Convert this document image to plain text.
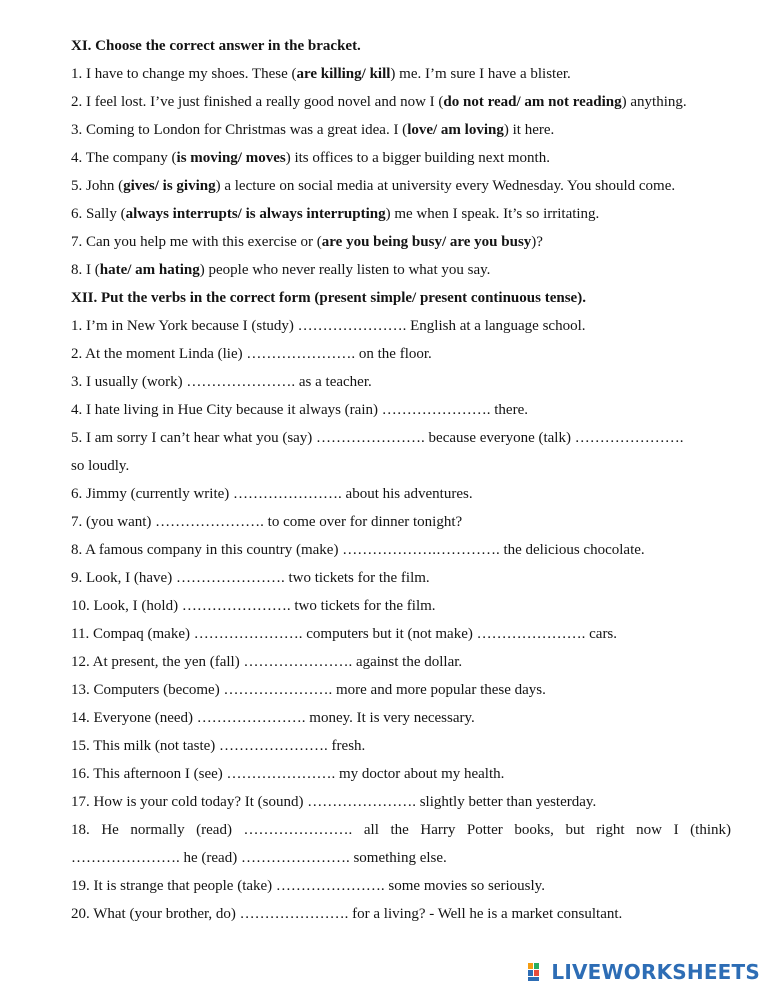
XI. Choose the correct answer in the bracket.
1. I have to change my shoes. These (are killing/ kill) me. I’m sure I have a blister.
2. I feel lost. I’ve just finished a really good novel and now I (do not read/ am not reading) anything.
3. Coming to London for Christmas was a great idea. I (love/ am loving) it here.
4. The company (is moving/ moves) its offices to a bigger building next month.
5. John (gives/ is giving) a lecture on social media at university every Wednesday. You should come.
6. Sally (always interrupts/ is always interrupting) me when I speak. It’s so irritating.
7. Can you help me with this exercise or (are you being busy/ are you busy)?
8. I (hate/ am hating) people who never really listen to what you say.
XII. Put the verbs in the correct form (present simple/ present continuous tense).
1. I’m in New York because I (study) …………………. English at a language school.
2. At the moment Linda (lie) …………………. on the floor.
3. I usually (work) …………………. as a teacher.
4. I hate living in Hue City because it always (rain) …………………. there.
5. I am sorry I can’t hear what you (say) …………………. because everyone (talk) ………………….
so loudly.
6. Jimmy (currently write) …………………. about his adventures.
7. (you want) …………………. to come over for dinner tonight?
8. A famous company in this country (make) ……………….…………. the delicious chocolate.
9. Look, I (have) …………………. two tickets for the film.
10. Look, I (hold) …………………. two tickets for the film.
11. Compaq (make) …………………. computers but it (not make) …………………. cars.
12. At present, the yen (fall) …………………. against the dollar.
13. Computers (become) …………………. more and more popular these days.
14. Everyone (need) …………………. money. It is very necessary.
15. This milk (not taste) …………………. fresh.
16. This afternoon I (see) …………………. my doctor about my health.
17. How is your cold today? It (sound) …………………. slightly better than yesterday.
18. He normally (read) …………………. all the Harry Potter books, but right now I (think)
…………………. he (read) …………………. something else.
19. It is strange that people (take) …………………. some movies so seriously.
20. What (your brother, do) …………………. for a living? - Well he is a market consultant.
LIVEWORKSHEETS
